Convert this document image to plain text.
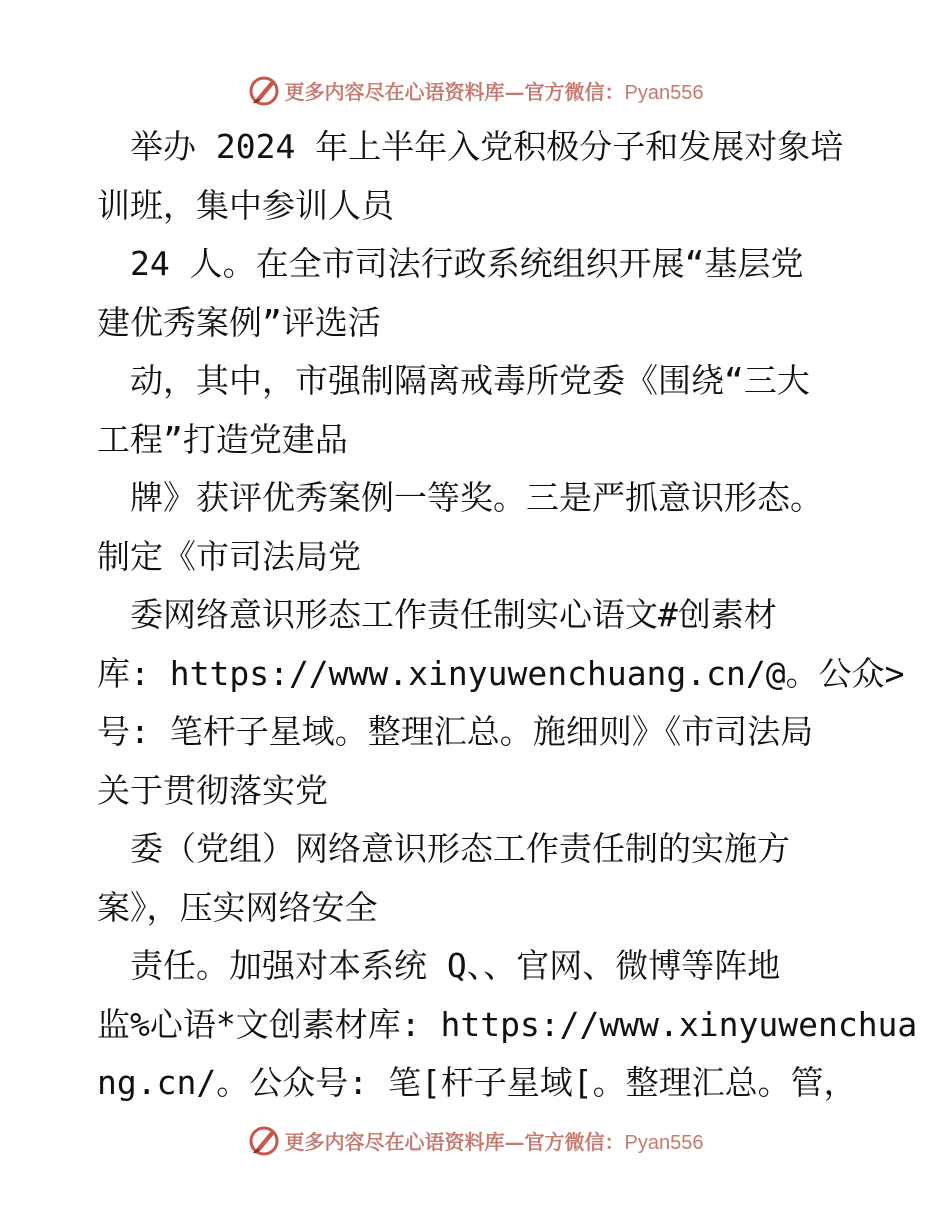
更多内容尽在心语资料库—官方微信：Pyan556
　举办 2024 年上半年入党积极分子和发展对象培
训班，集中参训人员
　24 人。在全市司法行政系统组织开展“基层党
建优秀案例”评选活
　动，其中，市强制隔离戒毒所党委《围绕“三大
工程”打造党建品
　牌》获评优秀案例一等奖。三是严抓意识形态。
制定《市司法局党
　委网络意识形态工作责任制实心语文#创素材
库: https://www.xinyuwenchuang.cn/@。公众>
号: 笔杆子星域。整理汇总。施细则》《市司法局
关于贯彻落实党
　委（党组）网络意识形态工作责任制的实施方
案》，压实网络安全
　责任。加强对本系统 Q、、官网、微博等阵地
监%心语*文创素材库: https://www.xinyuwenchua
ng.cn/。公众号: 笔[杆子星域[。整理汇总。管，
更多内容尽在心语资料库—官方微信：Pyan556
